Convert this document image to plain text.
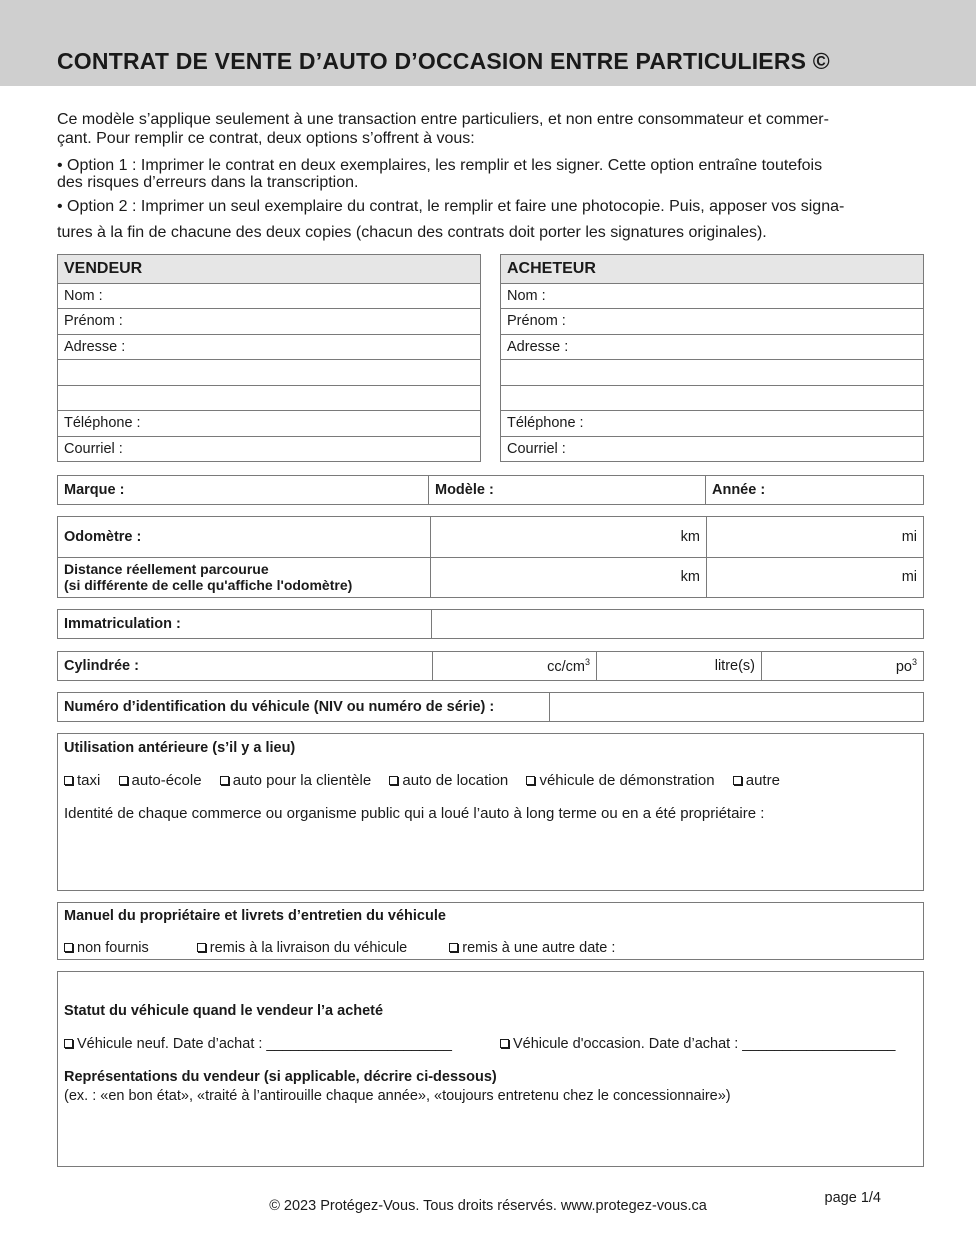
CONTRAT DE VENTE D’AUTO D’OCCASION ENTRE PARTICULIERS ©
Ce modèle s’applique seulement à une transaction entre particuliers, et non entre consommateur et commer-
çant. Pour remplir ce contrat, deux options s’offrent à vous:
• Option 1 : Imprimer le contrat en deux exemplaires, les remplir et les signer. Cette option entraîne toutefois
des risques d’erreurs dans la transcription.
• Option 2 : Imprimer un seul exemplaire du contrat, le remplir et faire une photocopie. Puis, apposer vos signa-
tures à la fin de chacune des deux copies (chacun des contrats doit porter les signatures originales).
VENDEUR
Nom :
Prénom :
Adresse :
Téléphone :
Courriel :
ACHETEUR
Nom :
Prénom :
Adresse :
Téléphone :
Courriel :
Marque :	Modèle :	Année :
Odomètre :	km	mi
Distance réellement parcourue
(si différente de celle qu'affiche l'odomètre)	km	mi
Immatriculation :
Cylindrée :	$cc/cm^3$	litre(s)	$po^3$
Numéro d’identification du véhicule (NIV ou numéro de série) :
Utilisation antérieure (s’il y a lieu)
taxi auto-école auto pour la clientèle auto de location véhicule de démonstration autre
Identité de chaque commerce ou organisme public qui a loué l’auto à long terme ou en a été propriétaire :
Manuel du propriétaire et livrets d’entretien du véhicule
non fournis	remis à la livraison du véhicule	remis à une autre date :
Statut du véhicule quand le vendeur l’a acheté
Véhicule neuf. Date d’achat : _______________________	Véhicule d'occasion. Date d’achat : ___________________
Représentations du vendeur (si applicable, décrire ci-dessous)
(ex. : «en bon état», «traité à l’antirouille chaque année», «toujours entretenu chez le concessionnaire»)
© 2023 Protégez-Vous. Tous droits réservés. www.protegez-vous.ca	page 1/4
